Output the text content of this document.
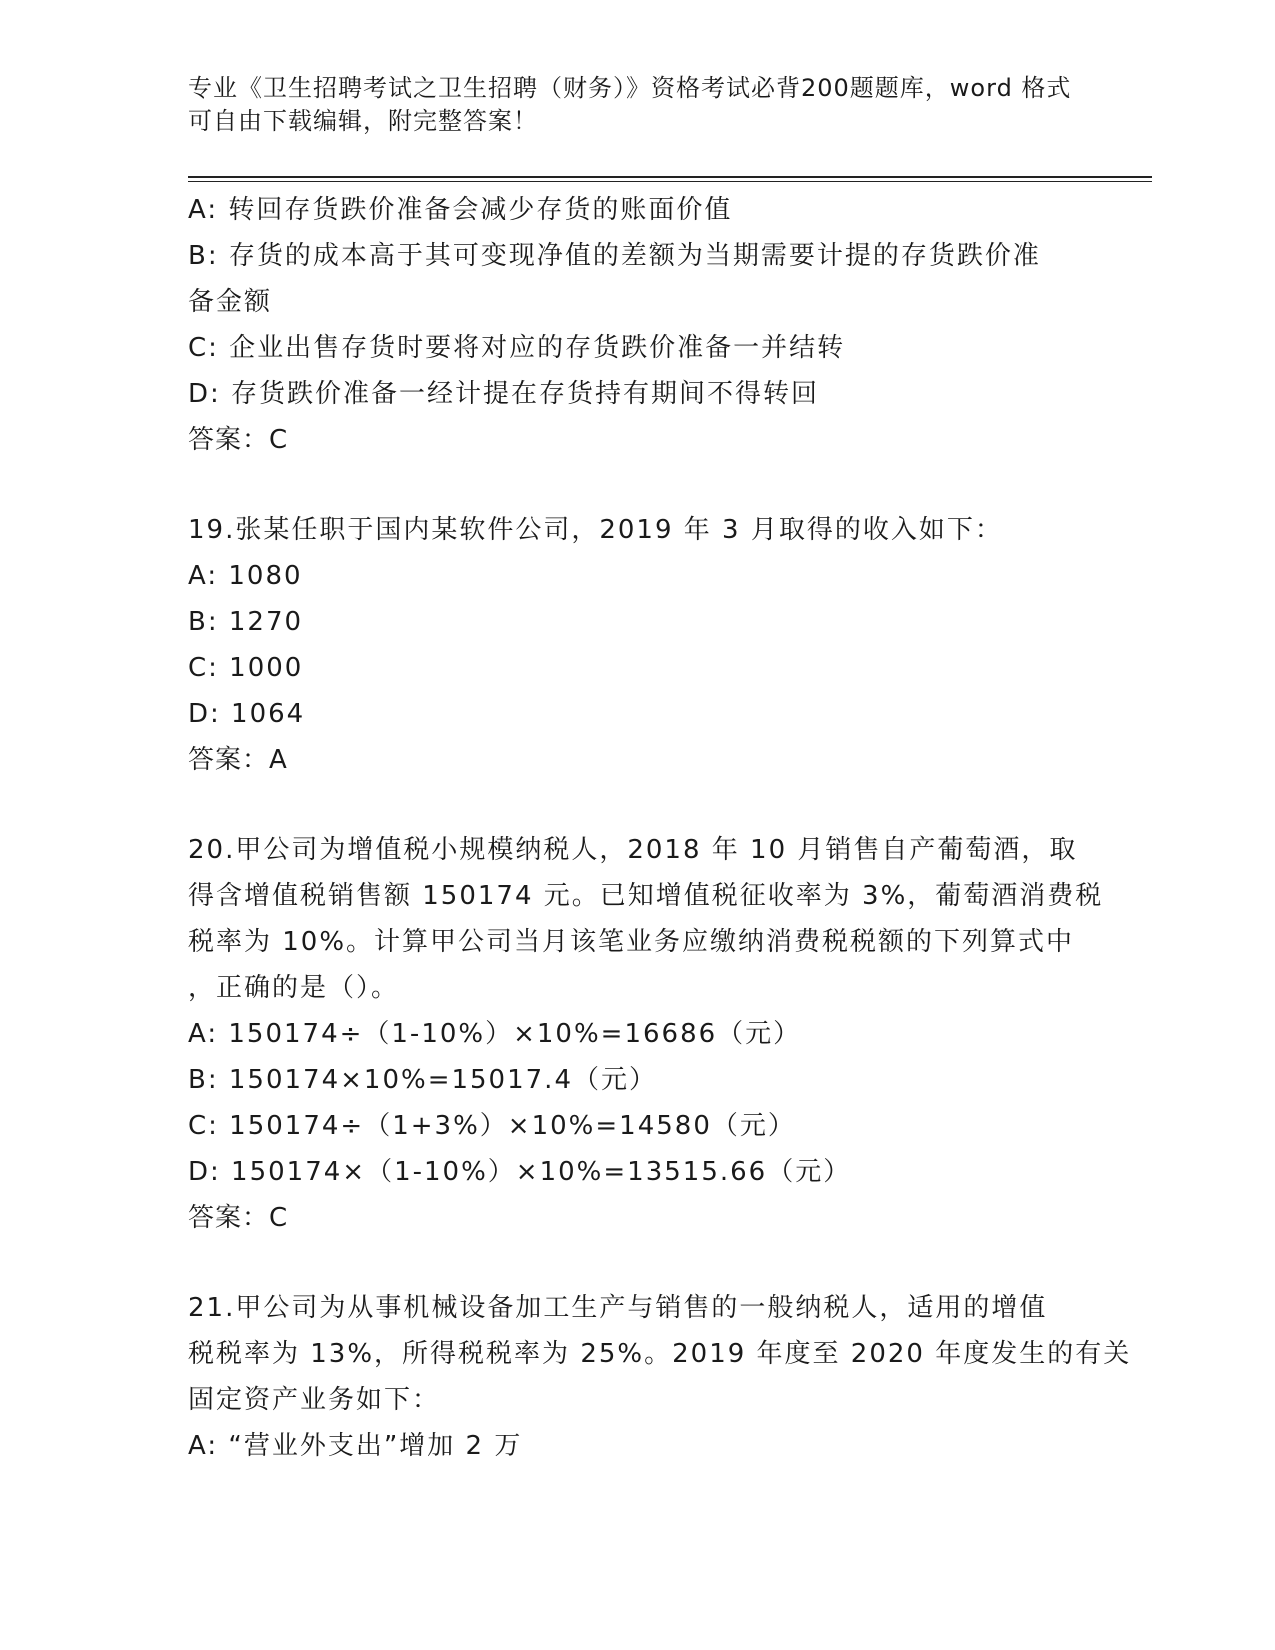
专业《卫生招聘考试之卫生招聘（财务）》资格考试必背200题题库，word 格式
可自由下载编辑，附完整答案！
A: 转回存货跌价准备会减少存货的账面价值
B: 存货的成本高于其可变现净值的差额为当期需要计提的存货跌价准
备金额
C: 企业出售存货时要将对应的存货跌价准备一并结转
D: 存货跌价准备一经计提在存货持有期间不得转回
答案：C
19.张某任职于国内某软件公司，2019 年 3 月取得的收入如下：
A: 1080
B: 1270
C: 1000
D: 1064
答案：A
20.甲公司为增值税小规模纳税人，2018 年 10 月销售自产葡萄酒，取
得含增值税销售额 150174 元。已知增值税征收率为 3%，葡萄酒消费税
税率为 10%。计算甲公司当月该笔业务应缴纳消费税税额的下列算式中
，正确的是（）。
A: 150174÷（1-10%）×10%=16686（元）
B: 150174×10%=15017.4（元）
C: 150174÷（1+3%）×10%=14580（元）
D: 150174×（1-10%）×10%=13515.66（元）
答案：C
21.甲公司为从事机械设备加工生产与销售的一般纳税人，适用的增值
税税率为 13%，所得税税率为 25%。2019 年度至 2020 年度发生的有关
固定资产业务如下：
A: “营业外支出”增加 2 万
